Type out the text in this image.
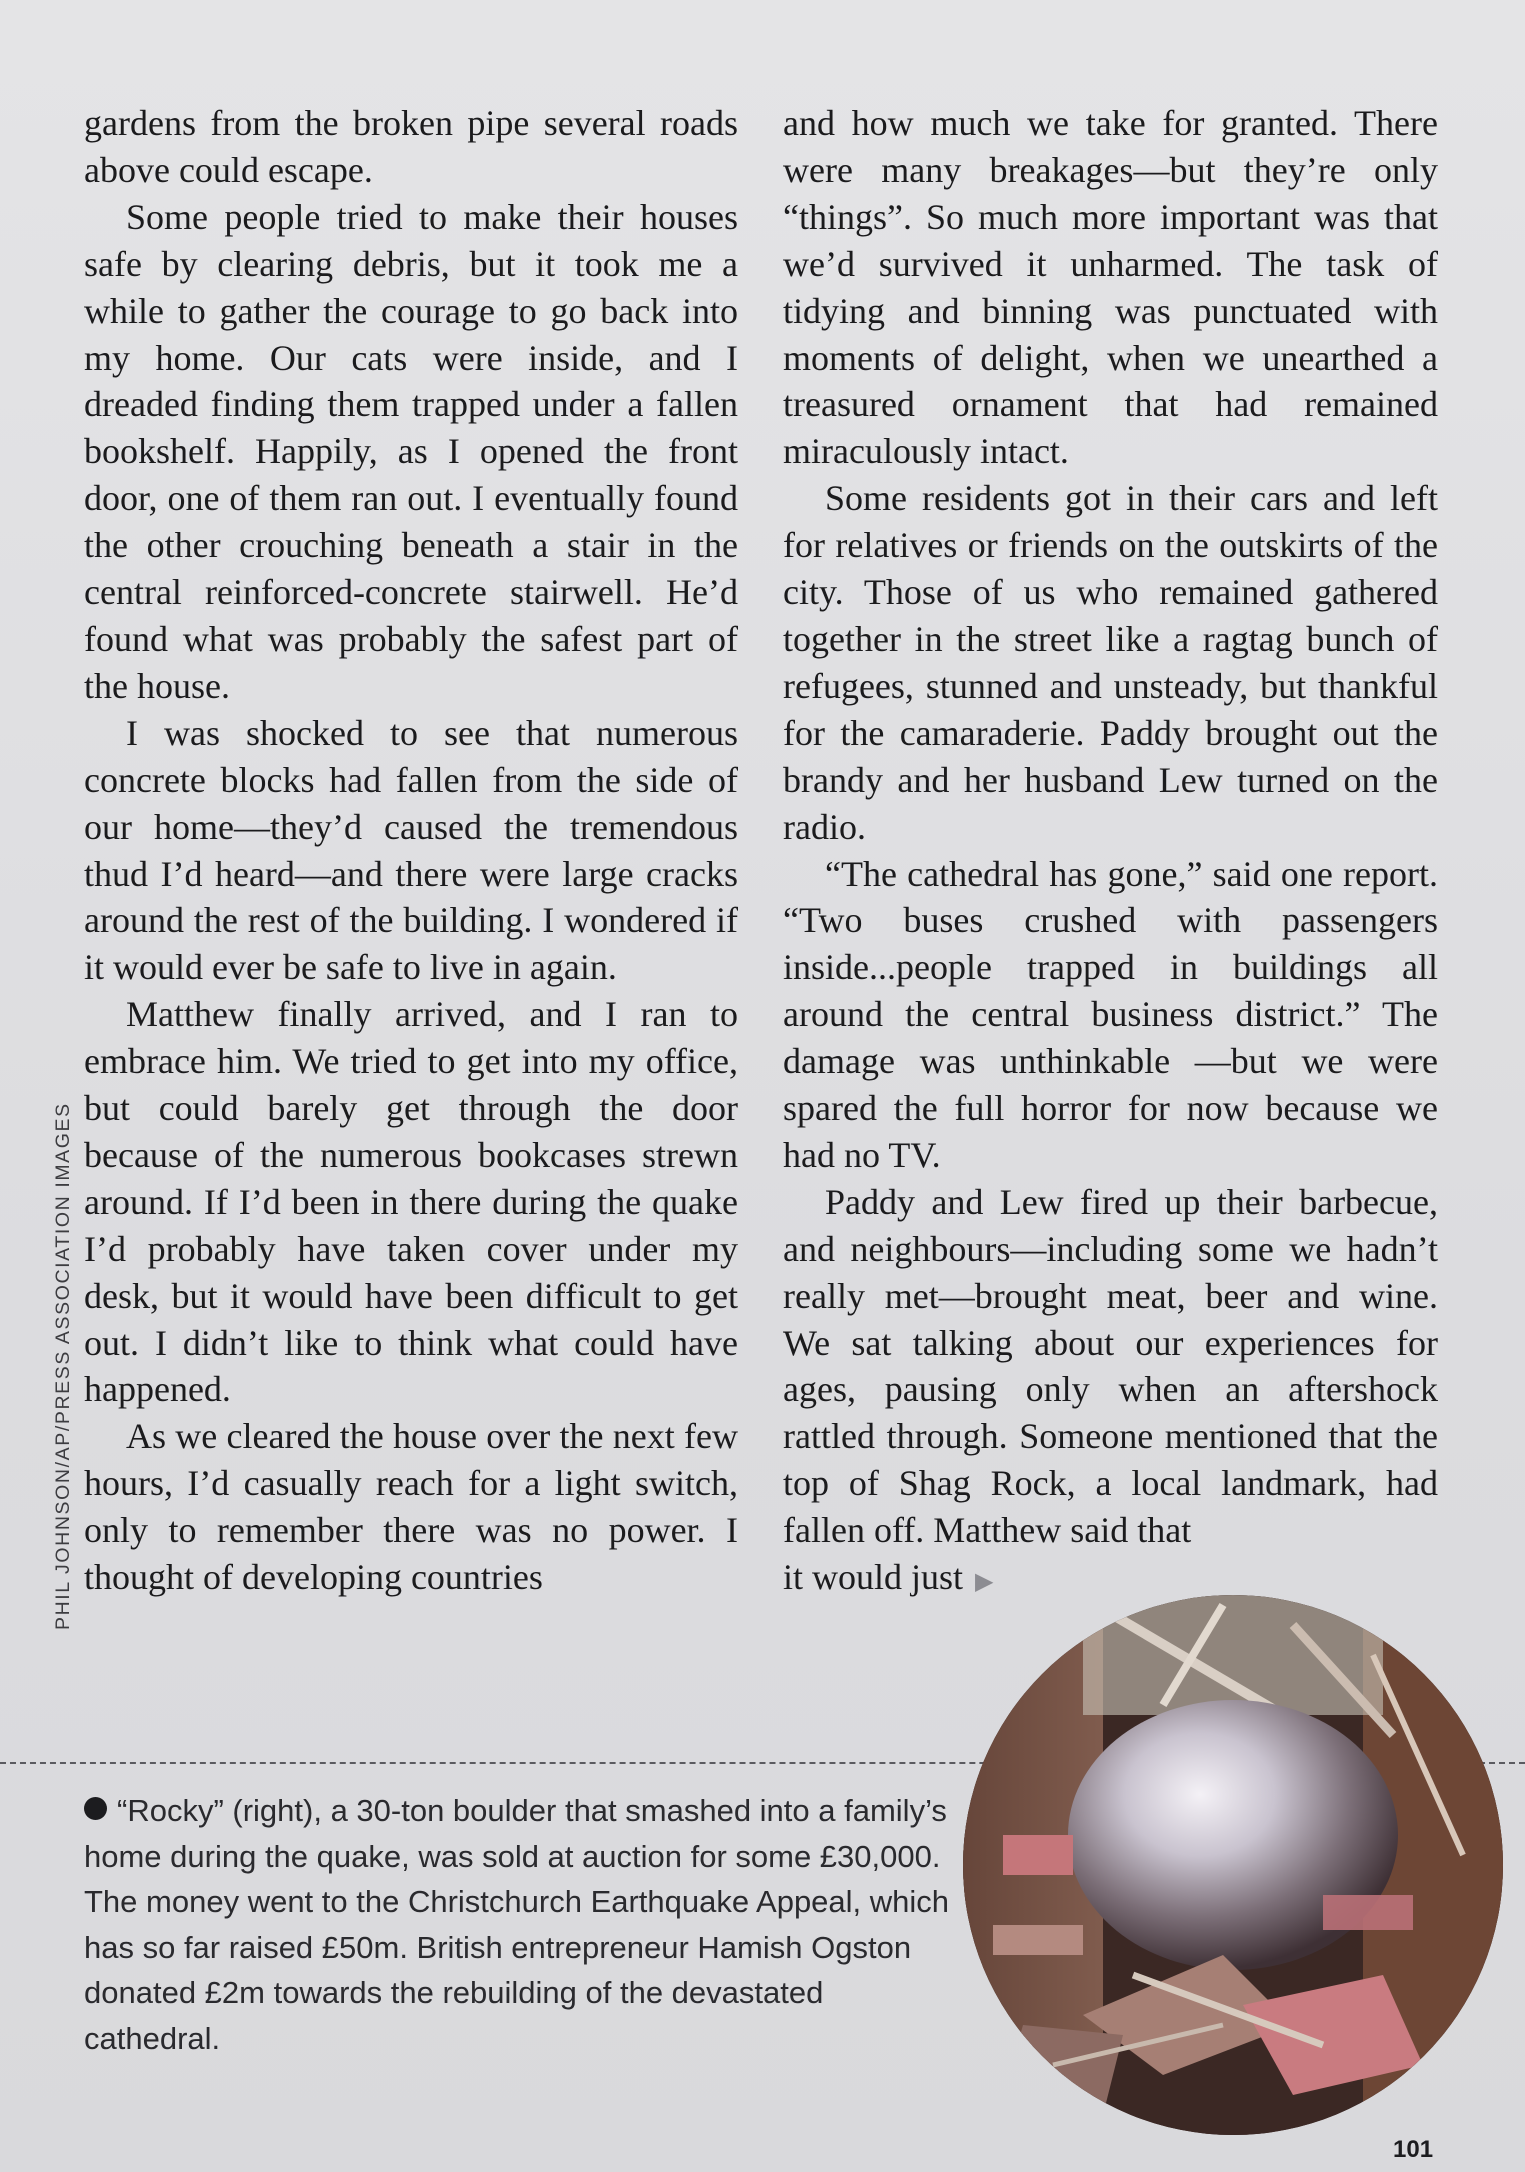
PHIL JOHNSON/AP/PRESS ASSOCIATION IMAGES

gardens from the broken pipe several roads above could escape.

Some people tried to make their houses safe by clearing debris, but it took me a while to gather the courage to go back into my home. Our cats were inside, and I dreaded finding them trapped under a fallen bookshelf. Happily, as I opened the front door, one of them ran out. I eventually found the other crouching beneath a stair in the central reinforced-concrete stairwell. He’d found what was probably the safest part of the house.

I was shocked to see that numerous concrete blocks had fallen from the side of our home—they’d caused the tremendous thud I’d heard—and there were large cracks around the rest of the building. I wondered if it would ever be safe to live in again.

Matthew finally arrived, and I ran to embrace him. We tried to get into my office, but could barely get through the door because of the numerous bookcases strewn around. If I’d been in there during the quake I’d probably have taken cover under my desk, but it would have been difficult to get out. I didn’t like to think what could have happened.

As we cleared the house over the next few hours, I’d casually reach for a light switch, only to remember there was no power. I thought of developing countries

and how much we take for granted. There were many breakages—but they’re only “things”. So much more important was that we’d survived it unharmed. The task of tidying and binning was punctuated with moments of delight, when we unearthed a treasured ornament that had remained miraculously intact.

Some residents got in their cars and left for relatives or friends on the outskirts of the city. Those of us who remained gathered together in the street like a ragtag bunch of refugees, stunned and unsteady, but thankful for the camaraderie. Paddy brought out the brandy and her husband Lew turned on the radio.

“The cathedral has gone,” said one report. “Two buses crushed with passengers inside...people trapped in buildings all around the central business district.” The damage was unthinkable —but we were spared the full horror for now because we had no TV.

Paddy and Lew fired up their barbecue, and neighbours—including some we hadn’t really met—brought meat, beer and wine. We sat talking about our experiences for ages, pausing only when an aftershock rattled through. Someone mentioned that the top of Shag Rock, a local landmark, had fallen off. Matthew said that

it would just ▶

“Rocky” (right), a 30-ton boulder that smashed into a family’s home during the quake, was sold at auction for some £30,000. The money went to the Christchurch Earthquake Appeal, which has so far raised £50m. British entrepreneur Hamish Ogston donated £2m towards the rebuilding of the devastated cathedral.
101
